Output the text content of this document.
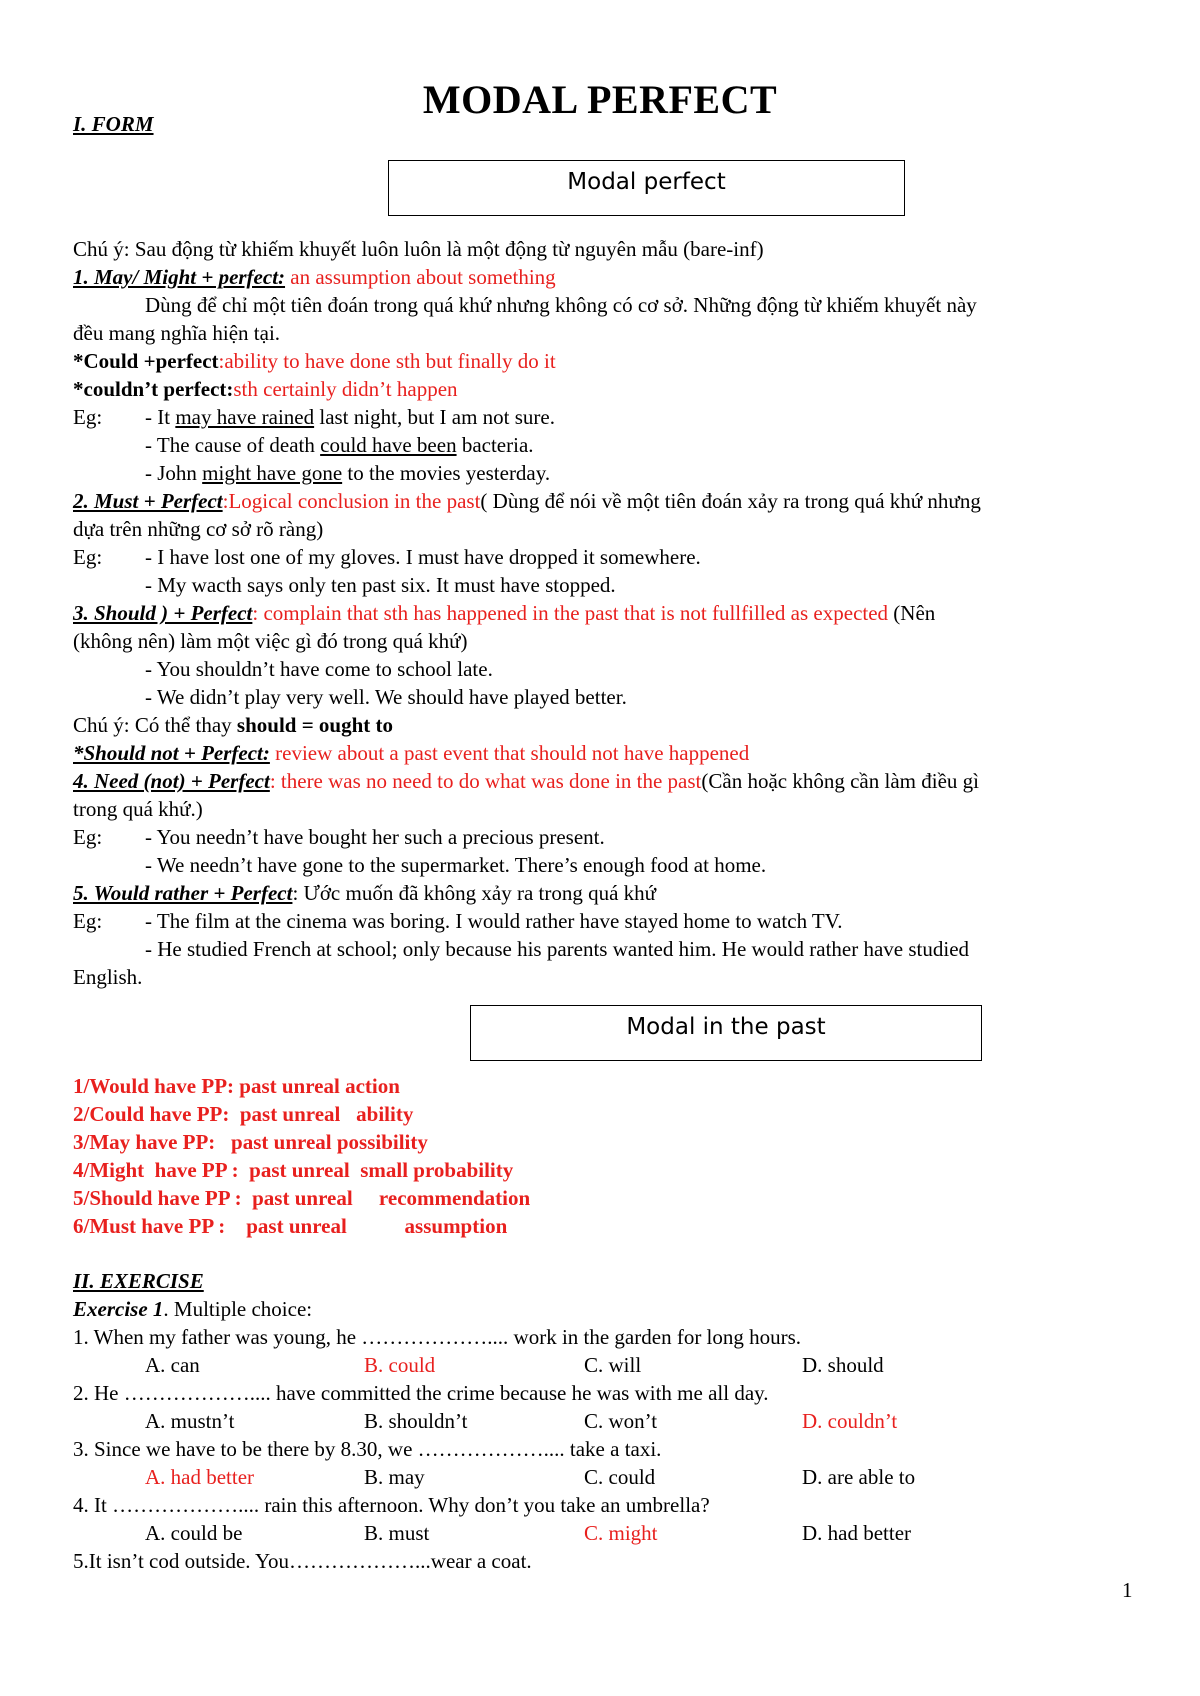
MODAL PERFECT
I. FORM
Modal perfect
Chú ý: Sau động từ khiếm khuyết luôn luôn là một động từ nguyên mẫu (bare-inf)
1. May/ Might + perfect: an assumption about something
Dùng để chỉ một tiên đoán trong quá khứ nhưng không có cơ sở. Những động từ khiếm khuyết này
đều mang nghĩa hiện tại.
*Could +perfect:ability to have done sth but finally do it
*couldn’t perfect:sth certainly didn’t happen
Eg: - It may have rained last night, but I am not sure.
- The cause of death could have been bacteria.
- John might have gone to the movies yesterday.
2. Must + Perfect:Logical conclusion in the past( Dùng để nói về một tiên đoán xảy ra trong quá khứ nhưng
dựa trên những cơ sở rõ ràng)
Eg: - I have lost one of my gloves. I must have dropped it somewhere.
- My wacth says only ten past six. It must have stopped.
3. Should ) + Perfect: complain that sth has happened in the past that is not fullfilled as expected (Nên
(không nên) làm một việc gì đó trong quá khứ)
- You shouldn’t have come to school late.
- We didn’t play very well. We should have played better.
Chú ý: Có thể thay should = ought to
*Should not + Perfect: review about a past event that should not have happened
4. Need (not) + Perfect: there was no need to do what was done in the past(Cần hoặc không cần làm điều gì
trong quá khứ.)
Eg: - You needn’t have bought her such a precious present.
- We needn’t have gone to the supermarket. There’s enough food at home.
5. Would rather + Perfect: Ước muốn đã không xảy ra trong quá khứ
Eg: - The film at the cinema was boring. I would rather have stayed home to watch TV.
- He studied French at school; only because his parents wanted him. He would rather have studied
English.
Modal in the past
1/Would have PP: past unreal action
2/Could have PP:  past unreal   ability
3/May have PP:   past unreal possibility
4/Might  have PP :  past unreal  small probability
5/Should have PP :  past unreal     recommendation
6/Must have PP :    past unreal           assumption
II. EXERCISE
Exercise 1. Multiple choice:
1. When my father was young, he ……………….... work in the garden for long hours.
A. can	B. could	C. will	D. should
2. He ……………….... have committed the crime because he was with me all day.
A. mustn’t	B. shouldn’t	C. won’t	D. couldn’t
3. Since we have to be there by 8.30, we ……………….... take a taxi.
A. had better	B. may	C. could	D. are able to
4. It ……………….... rain this afternoon. Why don’t you take an umbrella?
A. could be	B. must	C. might	D. had better
5.It isn’t cod outside. You………………...wear a coat.
1
